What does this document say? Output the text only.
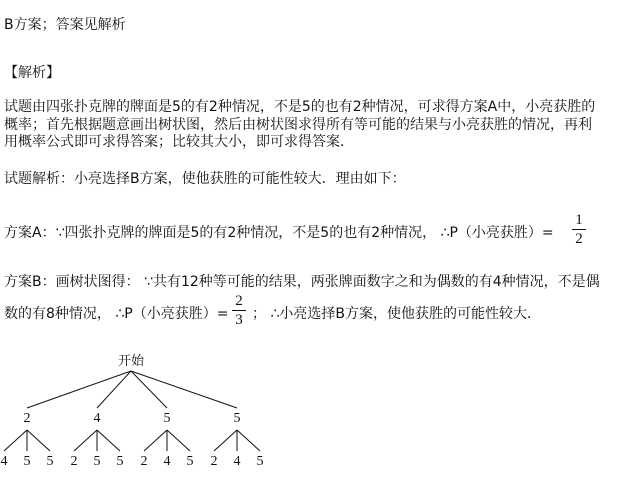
B方案；答案见解析
【解析】
试题由四张扑克牌的牌面是5的有2种情况，不是5的也有2种情况，可求得方案A中，小亮获胜的
概率；首先根据题意画出树状图，然后由树状图求得所有等可能的结果与小亮获胜的情况，再利
用概率公式即可求得答案；比较其大小，即可求得答案．
试题解析：小亮选择B方案，使他获胜的可能性较大．理由如下：
方案A：∵四张扑克牌的牌面是5的有2种情况，不是5的也有2种情况， ∴P（小亮获胜）=
1
2
方案B：画树状图得： ∵共有12种等可能的结果，两张牌面数字之和为偶数的有4种情况，不是偶
数的有8种情况， ∴P（小亮获胜）=
2
3 ； ∴小亮选择B方案，使他获胜的可能性较大．
开始
2
4 5 5
4
2 5 5
5
2 4 5
5
2 4 5
